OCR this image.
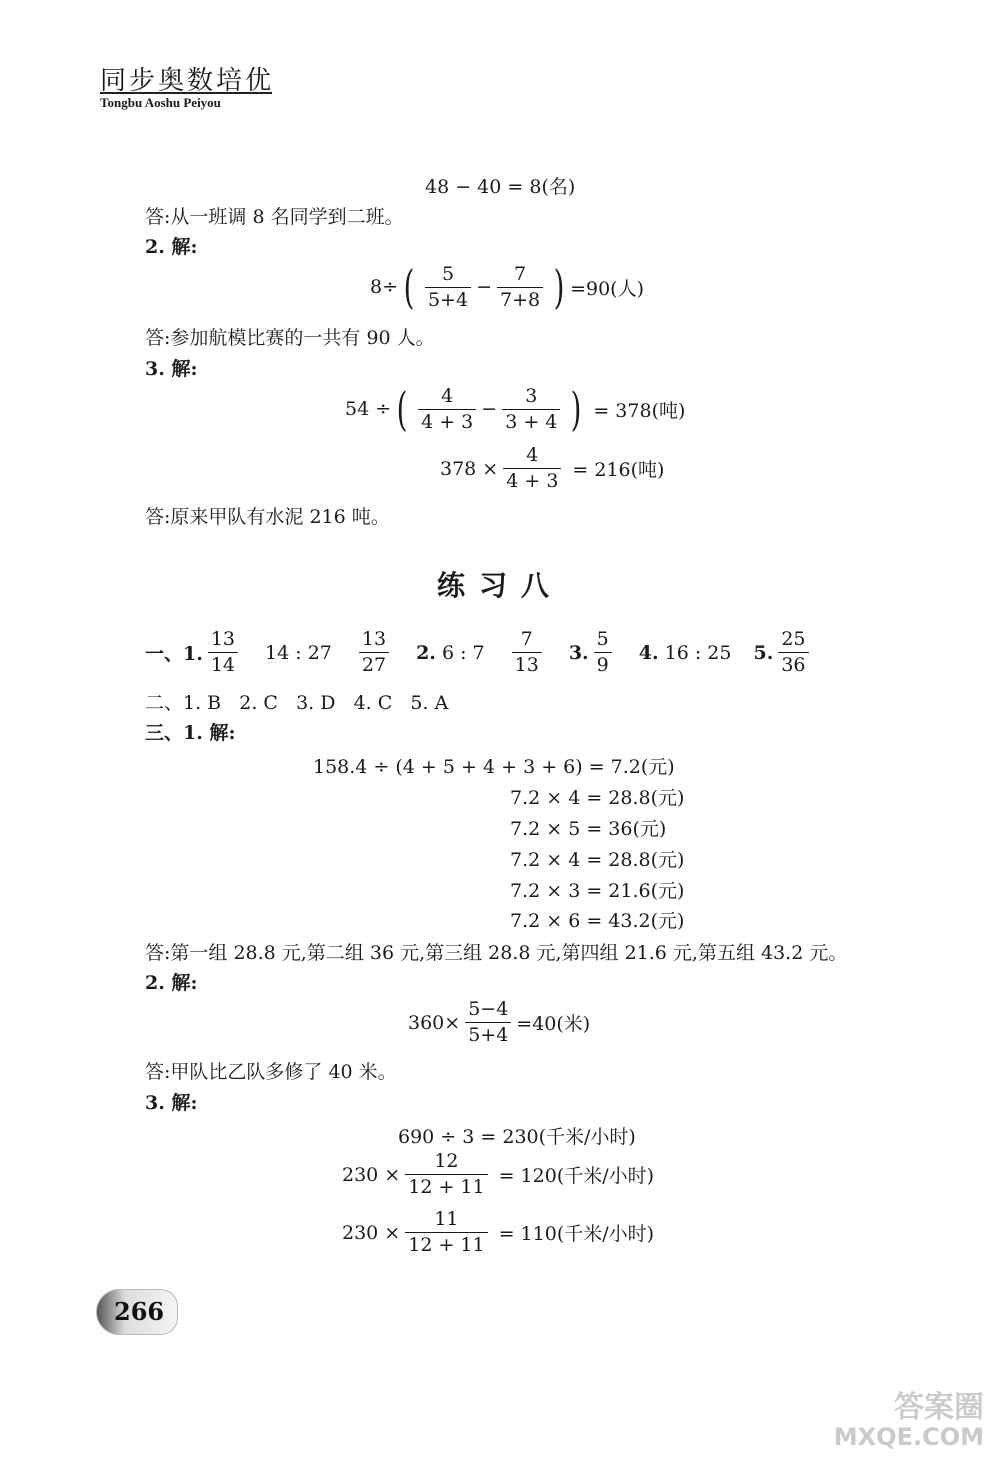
同步奥数培优
Tongbu Aoshu Peiyou
48 − 40 = 8(名)
答:从一班调 8 名同学到二班。
2. 解:
8÷ ( $\frac{5}{5+4} - \frac{7}{7+8}$ ) =90(人)
答:参加航模比赛的一共有 90 人。
3. 解:
54 ÷ ( $\frac{4}{4 + 3} - \frac{3}{3 + 4}$ ) = 378(吨)
$378 \times \frac{4}{4 + 3} = 216$(吨)
答:原来甲队有水泥 216 吨。
练习八
一、1. $\frac{13}{14} 14$ : $27 \frac{13}{27} 2$.
6 : $7 \frac{7}{13} 3$. $\frac{5}{9} 4$.
16 : 25 5. $\frac{25}{36}$
二、1. B   2. C   3. D   4. C   5. A
三、1. 解:
158.4 ÷ (4 + 5 + 4 + 3 + 6) = 7.2(元)
7.2 × 4 = 28.8(元)
7.2 × 5 = 36(元)
7.2 × 4 = 28.8(元)
7.2 × 3 = 21.6(元)
7.2 × 6 = 43.2(元)
答:第一组 28.8 元,第二组 36 元,第三组 28.8 元,第四组 21.6 元,第五组 43.2 元。
2. 解:
$360\times \frac{5-4}{5+4} =40$(米)
答:甲队比乙队多修了 40 米。
3. 解:
690 ÷ 3 = 230(千米/小时)
$230 \times \frac{12}{12 + 11} = 120$(千米/小时)
$230 \times \frac{11}{12 + 11} = 110$(千米/小时)
266
答案圈
MXQE.COM
